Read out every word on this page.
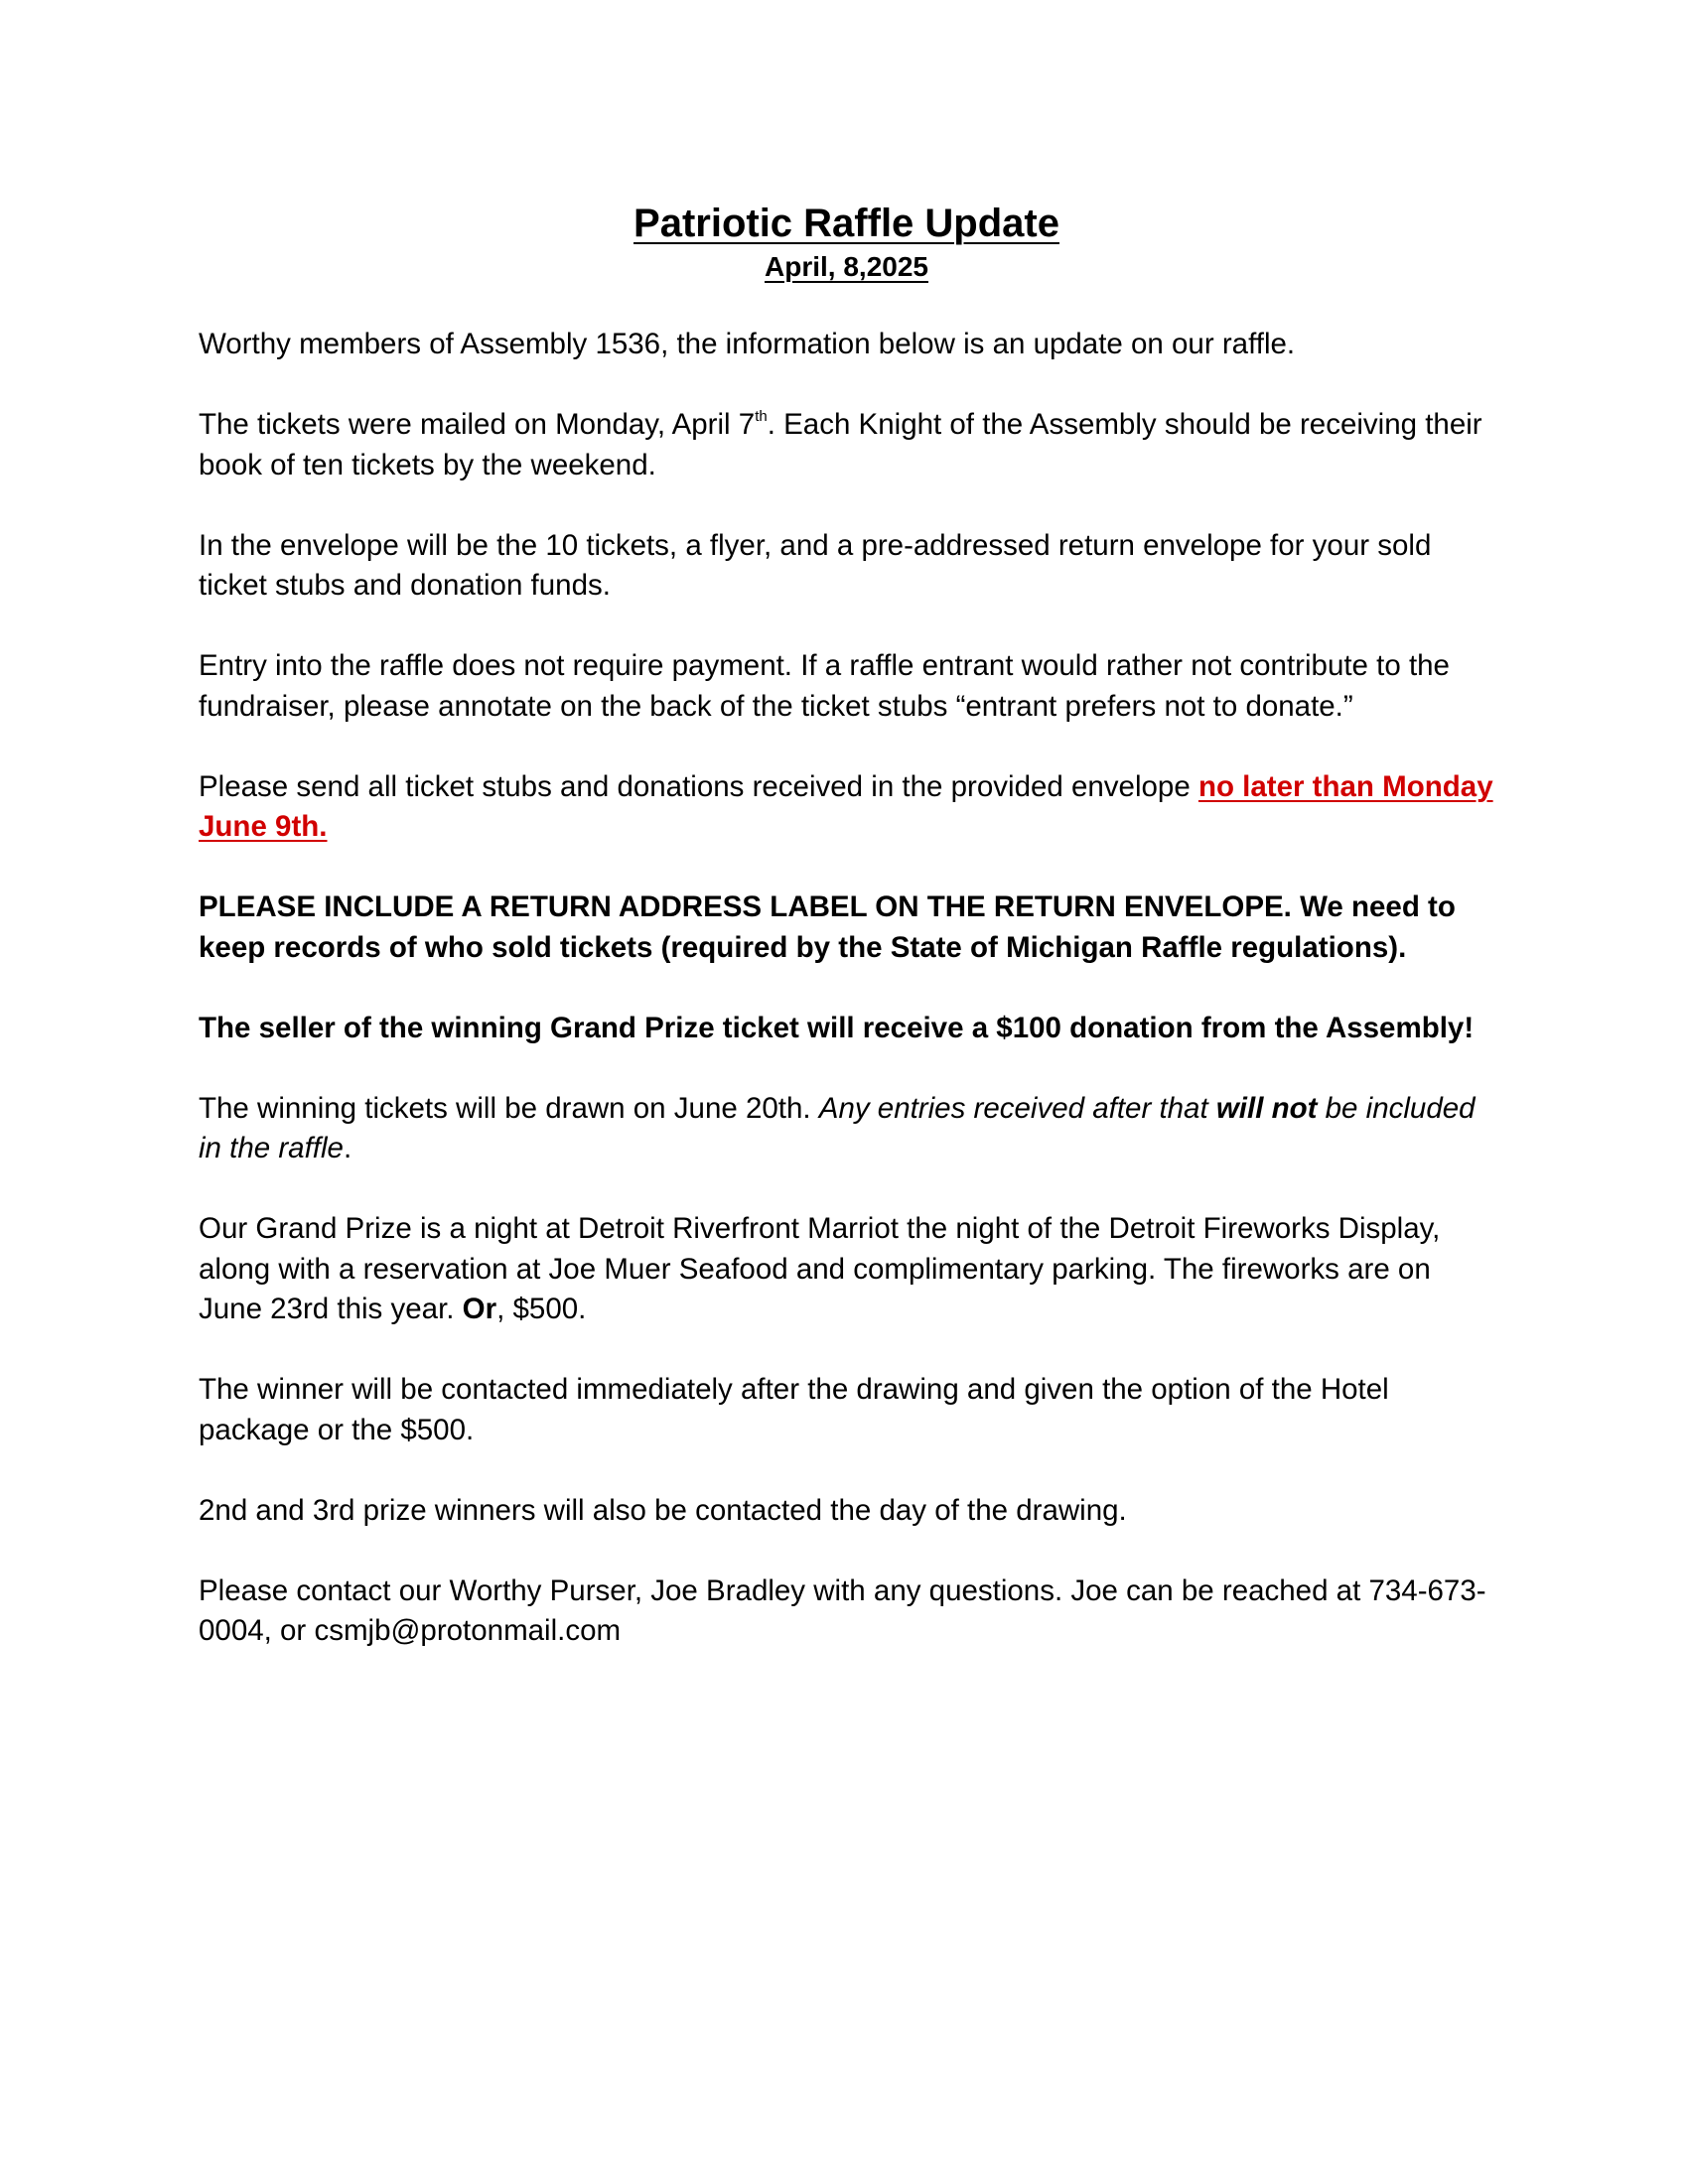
Patriotic Raffle Update
April, 8,2025

Worthy members of Assembly 1536, the information below is an update on our raffle.

The tickets were mailed on Monday, April 7th. Each Knight of the Assembly should be receiving their book of ten tickets by the weekend.

In the envelope will be the 10 tickets, a flyer, and a pre-addressed return envelope for your sold ticket stubs and donation funds.

Entry into the raffle does not require payment. If a raffle entrant would rather not contribute to the fundraiser, please annotate on the back of the ticket stubs “entrant prefers not to donate.”

Please send all ticket stubs and donations received in the provided envelope no later than Monday June 9th.

PLEASE INCLUDE A RETURN ADDRESS LABEL ON THE RETURN ENVELOPE. We need to keep records of who sold tickets (required by the State of Michigan Raffle regulations).

The seller of the winning Grand Prize ticket will receive a $100 donation from the Assembly!

The winning tickets will be drawn on June 20th. Any entries received after that will not be included in the raffle.

Our Grand Prize is a night at Detroit Riverfront Marriot the night of the Detroit Fireworks Display, along with a reservation at Joe Muer Seafood and complimentary parking. The fireworks are on June 23rd this year. Or, $500.

The winner will be contacted immediately after the drawing and given the option of the Hotel package or the $500.

2nd and 3rd prize winners will also be contacted the day of the drawing.

Please contact our Worthy Purser, Joe Bradley with any questions. Joe can be reached at 734-673-0004, or csmjb@protonmail.com
